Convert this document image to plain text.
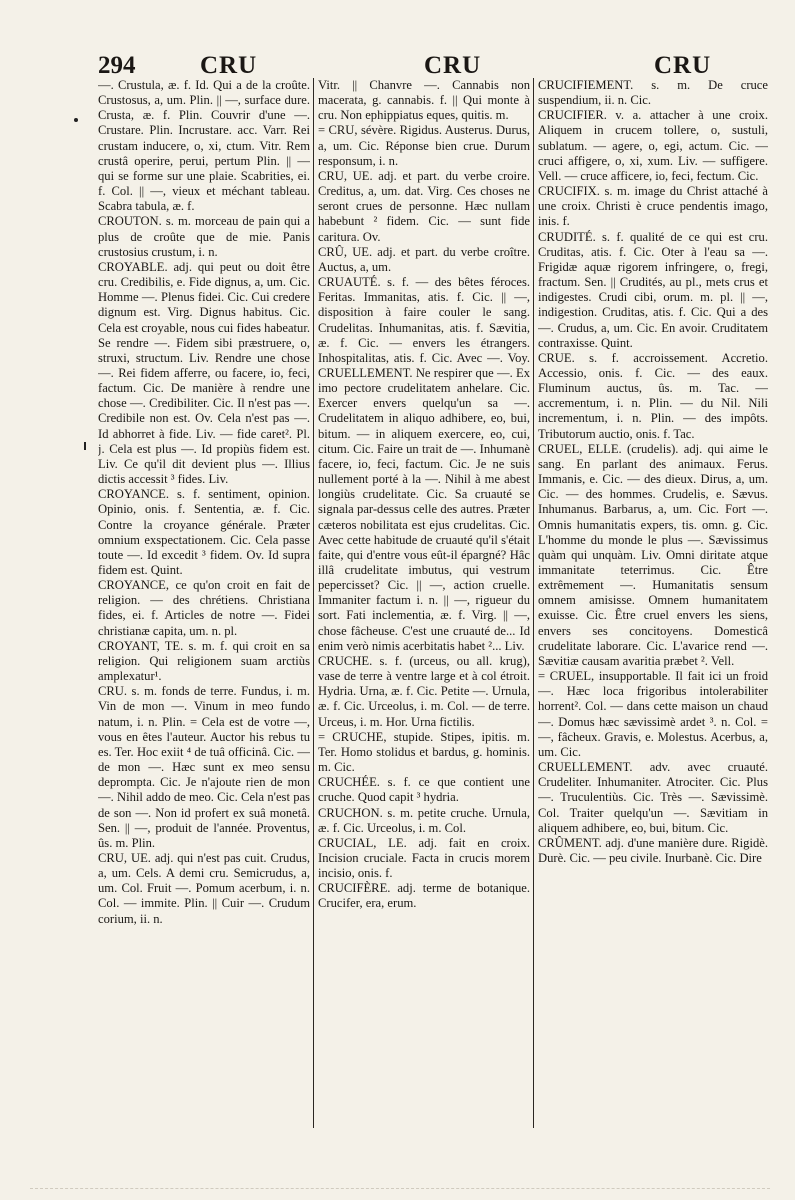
294	CRU	CRU	CRU

—. Crustula, æ. f. Id. Qui a de la croûte. Crustosus, a, um. Plin. || —, surface dure. Crusta, æ. f. Plin. Couvrir d'une —. Crustare. Plin. Incrustare. acc. Varr. Rei crustam inducere, o, xi, ctum. Vitr. Rem crustâ operire, perui, pertum Plin. || — qui se forme sur une plaie. Scabrities, ei. f. Col. || —, vieux et méchant tableau. Scabra tabula, æ. f.

CROUTON. s. m. morceau de pain qui a plus de croûte que de mie. Panis crustosius crustum, i. n.

CROYABLE. adj. qui peut ou doit être cru. Credibilis, e. Fide dignus, a, um. Cic. Homme —. Plenus fidei. Cic. Cui credere dignum est. Virg. Dignus habitus. Cic. Cela est croyable, nous cui fides habeatur. Se rendre —. Fidem sibi præstruere, o, struxi, structum. Liv. Rendre une chose —. Rei fidem afferre, ou facere, io, feci, factum. Cic. De manière à rendre une chose —. Credibiliter. Cic. Il n'est pas —. Credibile non est. Ov. Cela n'est pas —. Id abhorret à fide. Liv. — fide caret². Pl. j. Cela est plus —. Id propiùs fidem est. Liv. Ce qu'il dit devient plus —. Illius dictis accessit ³ fides. Liv.

CROYANCE. s. f. sentiment, opinion. Opinio, onis. f. Sententia, æ. f. Cic. Contre la croyance générale. Præter omnium exspectationem. Cic. Cela passe toute —. Id excedit ³ fidem. Ov. Id supra fidem est. Quint.

CROYANCE, ce qu'on croit en fait de religion. — des chrétiens. Christiana fides, ei. f. Articles de notre —. Fidei christianæ capita, um. n. pl.

CROYANT, TE. s. m. f. qui croit en sa religion. Qui religionem suam arctiùs amplexatur¹.

CRU. s. m. fonds de terre. Fundus, i. m. Vin de mon —. Vinum in meo fundo natum, i. n. Plin. = Cela est de votre —, vous en êtes l'auteur. Auctor his rebus tu es. Ter. Hoc exiit ⁴ de tuâ officinâ. Cic. — de mon —. Hæc sunt ex meo sensu deprompta. Cic. Je n'ajoute rien de mon —. Nihil addo de meo. Cic. Cela n'est pas de son —. Non id profert ex suâ monetâ. Sen. || —, produit de l'année. Proventus, ûs. m. Plin.

CRU, UE. adj. qui n'est pas cuit. Crudus, a, um. Cels. A demi cru. Semicrudus, a, um. Col. Fruit —. Pomum acerbum, i. n. Col. — immite. Plin. || Cuir —. Crudum corium, ii. n.

Vitr. || Chanvre —. Cannabis non macerata, g. cannabis. f. || Qui monte à cru. Non ephippiatus eques, quitis. m.

= CRU, sévère. Rigidus. Austerus. Durus, a, um. Cic. Réponse bien crue. Durum responsum, i. n.

CRU, UE. adj. et part. du verbe croire. Creditus, a, um. dat. Virg. Ces choses ne seront crues de personne. Hæc nullam habebunt ² fidem. Cic. — sunt fide caritura. Ov.

CRÛ, UE. adj. et part. du verbe croître. Auctus, a, um.

CRUAUTÉ. s. f. — des bêtes féroces. Feritas. Immanitas, atis. f. Cic. || —, disposition à faire couler le sang. Crudelitas. Inhumanitas, atis. f. Sævitia, æ. f. Cic. — envers les étrangers. Inhospitalitas, atis. f. Cic. Avec —. Voy. CRUELLEMENT. Ne respirer que —. Ex imo pectore crudelitatem anhelare. Cic. Exercer envers quelqu'un sa —. Crudelitatem in aliquo adhibere, eo, bui, bitum. — in aliquem exercere, eo, cui, citum. Cic. Faire un trait de —. Inhumanè facere, io, feci, factum. Cic. Je ne suis nullement porté à la —. Nihil à me abest longiùs crudelitate. Cic. Sa cruauté se signala par-dessus celle des autres. Præter cæteros nobilitata est ejus crudelitas. Cic. Avec cette habitude de cruauté qu'il s'était faite, qui d'entre vous eût-il épargné? Hâc illâ crudelitate imbutus, qui vestrum pepercisset? Cic. || —, action cruelle. Immaniter factum i. n. || —, rigueur du sort. Fati inclementia, æ. f. Virg. || —, chose fâcheuse. C'est une cruauté de... Id enim verò nimis acerbitatis habet ²... Liv.

CRUCHE. s. f. (urceus, ou all. krug), vase de terre à ventre large et à col étroit. Hydria. Urna, æ. f. Cic. Petite —. Urnula, æ. f. Cic. Urceolus, i. m. Col. — de terre. Urceus, i. m. Hor. Urna fictilis.

= CRUCHE, stupide. Stipes, ipitis. m. Ter. Homo stolidus et bardus, g. hominis. m. Cic.

CRUCHÉE. s. f. ce que contient une cruche. Quod capit ³ hydria.

CRUCHON. s. m. petite cruche. Urnula, æ. f. Cic. Urceolus, i. m. Col.

CRUCIAL, LE. adj. fait en croix. Incision cruciale. Facta in crucis morem incisio, onis. f.

CRUCIFÈRE. adj. terme de botanique. Crucifer, era, erum.

CRUCIFIEMENT. s. m. De cruce suspendium, ii. n. Cic.

CRUCIFIER. v. a. attacher à une croix. Aliquem in crucem tollere, o, sustuli, sublatum. — agere, o, egi, actum. Cic. — cruci affigere, o, xi, xum. Liv. — suffigere. Vell. — cruce afficere, io, feci, fectum. Cic.

CRUCIFIX. s. m. image du Christ attaché à une croix. Christi è cruce pendentis imago, inis. f.

CRUDITÉ. s. f. qualité de ce qui est cru. Cruditas, atis. f. Cic. Oter à l'eau sa —. Frigidæ aquæ rigorem infringere, o, fregi, fractum. Sen. || Crudités, au pl., mets crus et indigestes. Crudi cibi, orum. m. pl. || —, indigestion. Cruditas, atis. f. Cic. Qui a des —. Crudus, a, um. Cic. En avoir. Cruditatem contraxisse. Quint.

CRUE. s. f. accroissement. Accretio. Accessio, onis. f. Cic. — des eaux. Fluminum auctus, ûs. m. Tac. — accrementum, i. n. Plin. — du Nil. Nili incrementum, i. n. Plin. — des impôts. Tributorum auctio, onis. f. Tac.

CRUEL, ELLE. (crudelis). adj. qui aime le sang. En parlant des animaux. Ferus. Immanis, e. Cic. — des dieux. Dirus, a, um. Cic. — des hommes. Crudelis, e. Sævus. Inhumanus. Barbarus, a, um. Cic. Fort —. Omnis humanitatis expers, tis. omn. g. Cic. L'homme du monde le plus —. Sævissimus quàm qui unquàm. Liv. Omni diritate atque immanitate teterrimus. Cic. Être extrêmement —. Humanitatis sensum omnem amisisse. Omnem humanitatem exuisse. Cic. Être cruel envers les siens, envers ses concitoyens. Domesticâ crudelitate laborare. Cic. L'avarice rend —. Sævitiæ causam avaritia præbet ². Vell.

= CRUEL, insupportable. Il fait ici un froid —. Hæc loca frigoribus intolerabiliter horrent². Col. — dans cette maison un chaud —. Domus hæc sævissimè ardet ³. n. Col. = —, fâcheux. Gravis, e. Molestus. Acerbus, a, um. Cic.

CRUELLEMENT. adv. avec cruauté. Crudeliter. Inhumaniter. Atrociter. Cic. Plus —. Truculentiùs. Cic. Très —. Sævissimè. Col. Traiter quelqu'un —. Sævitiam in aliquem adhibere, eo, bui, bitum. Cic.

CRÛMENT. adj. d'une manière dure. Rigidè. Durè. Cic. — peu civile. Inurbanè. Cic. Dire
